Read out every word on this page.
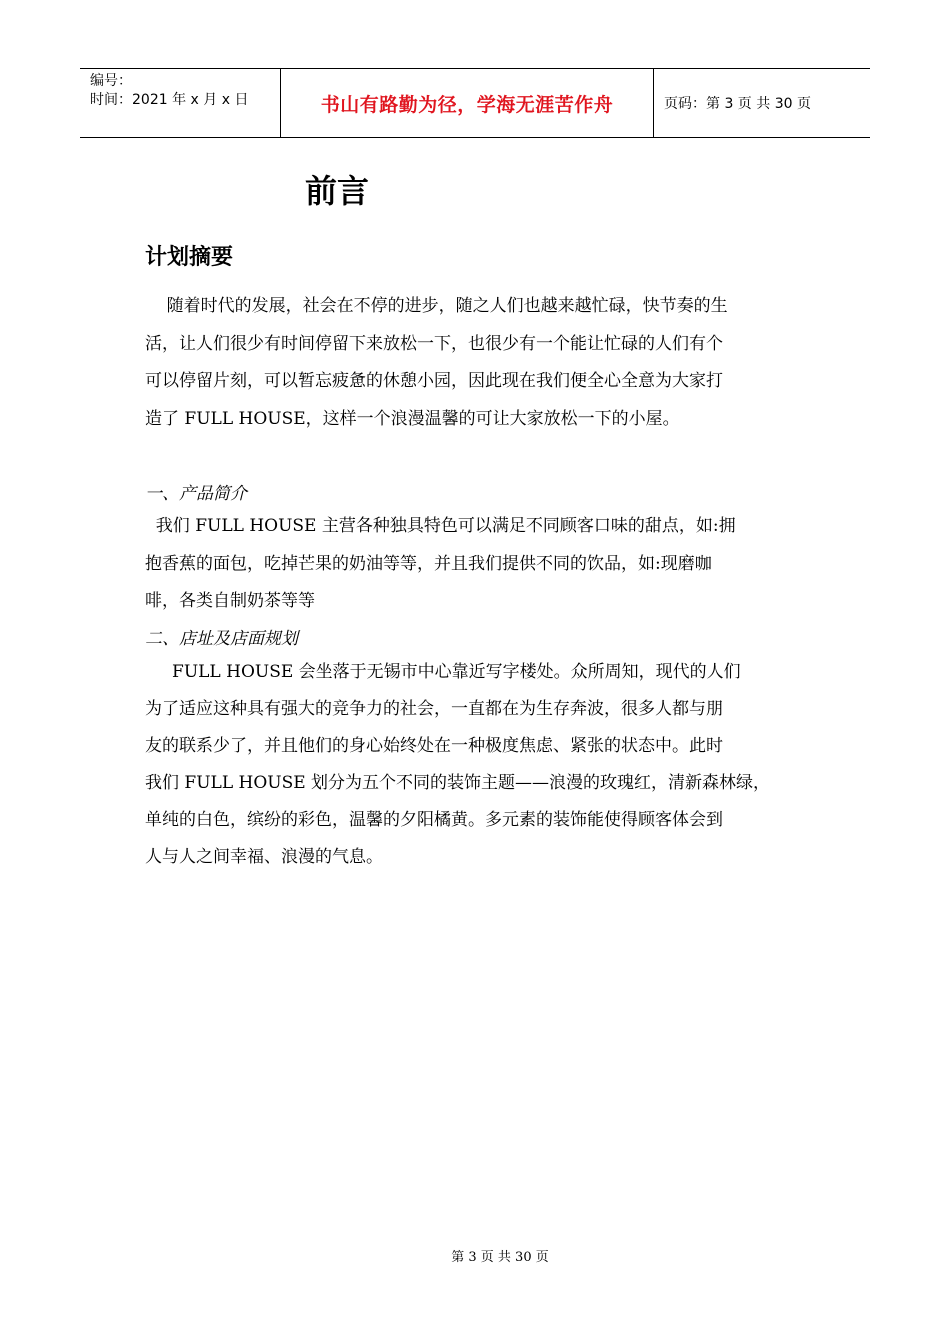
编号：
时间：2021 年 x 月 x 日	书山有路勤为径，学海无涯苦作舟	页码：第 3 页 共 30 页
前言
计划摘要
随着时代的发展，社会在不停的进步，随之人们也越来越忙碌，快节奏的生
活，让人们很少有时间停留下来放松一下，也很少有一个能让忙碌的人们有个
可以停留片刻，可以暂忘疲惫的休憩小园，因此现在我们便全心全意为大家打
造了 FULL HOUSE，这样一个浪漫温馨的可让大家放松一下的小屋。
一、产品简介
我们 FULL HOUSE 主营各种独具特色可以满足不同顾客口味的甜点，如:拥
抱香蕉的面包，吃掉芒果的奶油等等，并且我们提供不同的饮品，如:现磨咖
啡，各类自制奶茶等等
二、店址及店面规划
FULL HOUSE 会坐落于无锡市中心靠近写字楼处。众所周知，现代的人们
为了适应这种具有强大的竞争力的社会，一直都在为生存奔波，很多人都与朋
友的联系少了，并且他们的身心始终处在一种极度焦虑、紧张的状态中。此时
我们 FULL HOUSE 划分为五个不同的装饰主题——浪漫的玫瑰红，清新森林绿，
单纯的白色，缤纷的彩色，温馨的夕阳橘黄。多元素的装饰能使得顾客体会到
人与人之间幸福、浪漫的气息。
第 3 页 共 30 页
